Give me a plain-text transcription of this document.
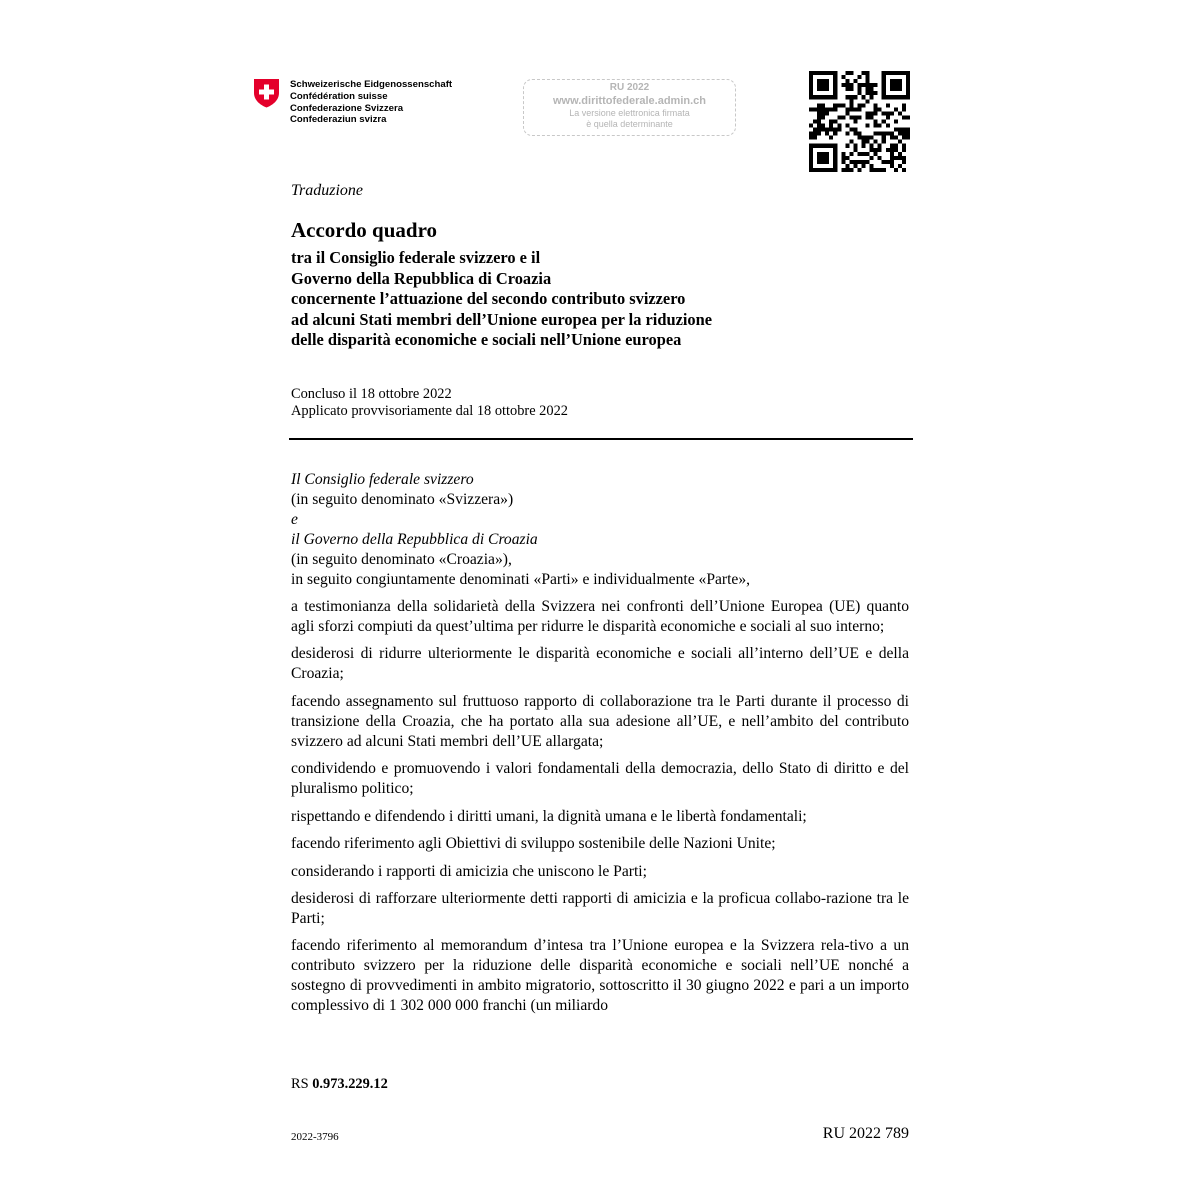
Schweizerische Eidgenossenschaft
Confédération suisse
Confederazione Svizzera
Confederaziun svizra
RU 2022
www.dirittofederale.admin.ch
La versione elettronica firmata
è quella determinante
Traduzione
Accordo quadro
tra il Consiglio federale svizzero e il
Governo della Repubblica di Croazia
concernente l’attuazione del secondo contributo svizzero
ad alcuni Stati membri dell’Unione europea per la riduzione
delle disparità economiche e sociali nell’Unione europea
Concluso il 18 ottobre 2022
Applicato provvisoriamente dal 18 ottobre 2022

Il Consiglio federale svizzero
(in seguito denominato «Svizzera»)
e
il Governo della Repubblica di Croazia
(in seguito denominato «Croazia»),
in seguito congiuntamente denominati «Parti» e individualmente «Parte»,

a testimonianza della solidarietà della Svizzera nei confronti dell’Unione Europea (UE) quanto agli sforzi compiuti da quest’ultima per ridurre le disparità economiche e sociali al suo interno;

desiderosi di ridurre ulteriormente le disparità economiche e sociali all’interno dell’UE e della Croazia;

facendo assegnamento sul fruttuoso rapporto di collaborazione tra le Parti durante il processo di transizione della Croazia, che ha portato alla sua adesione all’UE, e nell’ambito del contributo svizzero ad alcuni Stati membri dell’UE allargata;

condividendo e promuovendo i valori fondamentali della democrazia, dello Stato di diritto e del pluralismo politico;

rispettando e difendendo i diritti umani, la dignità umana e le libertà fondamentali;

facendo riferimento agli Obiettivi di sviluppo sostenibile delle Nazioni Unite;

considerando i rapporti di amicizia che uniscono le Parti;

desiderosi di rafforzare ulteriormente detti rapporti di amicizia e la proficua collabo-razione tra le Parti;

facendo riferimento al memorandum d’intesa tra l’Unione europea e la Svizzera rela-tivo a un contributo svizzero per la riduzione delle disparità economiche e sociali nell’UE nonché a sostegno di provvedimenti in ambito migratorio, sottoscritto il 30 giugno 2022 e pari a un importo complessivo di 1 302 000 000 franchi (un miliardo

RS 0.973.229.12
2022-3796	RU 2022 789
